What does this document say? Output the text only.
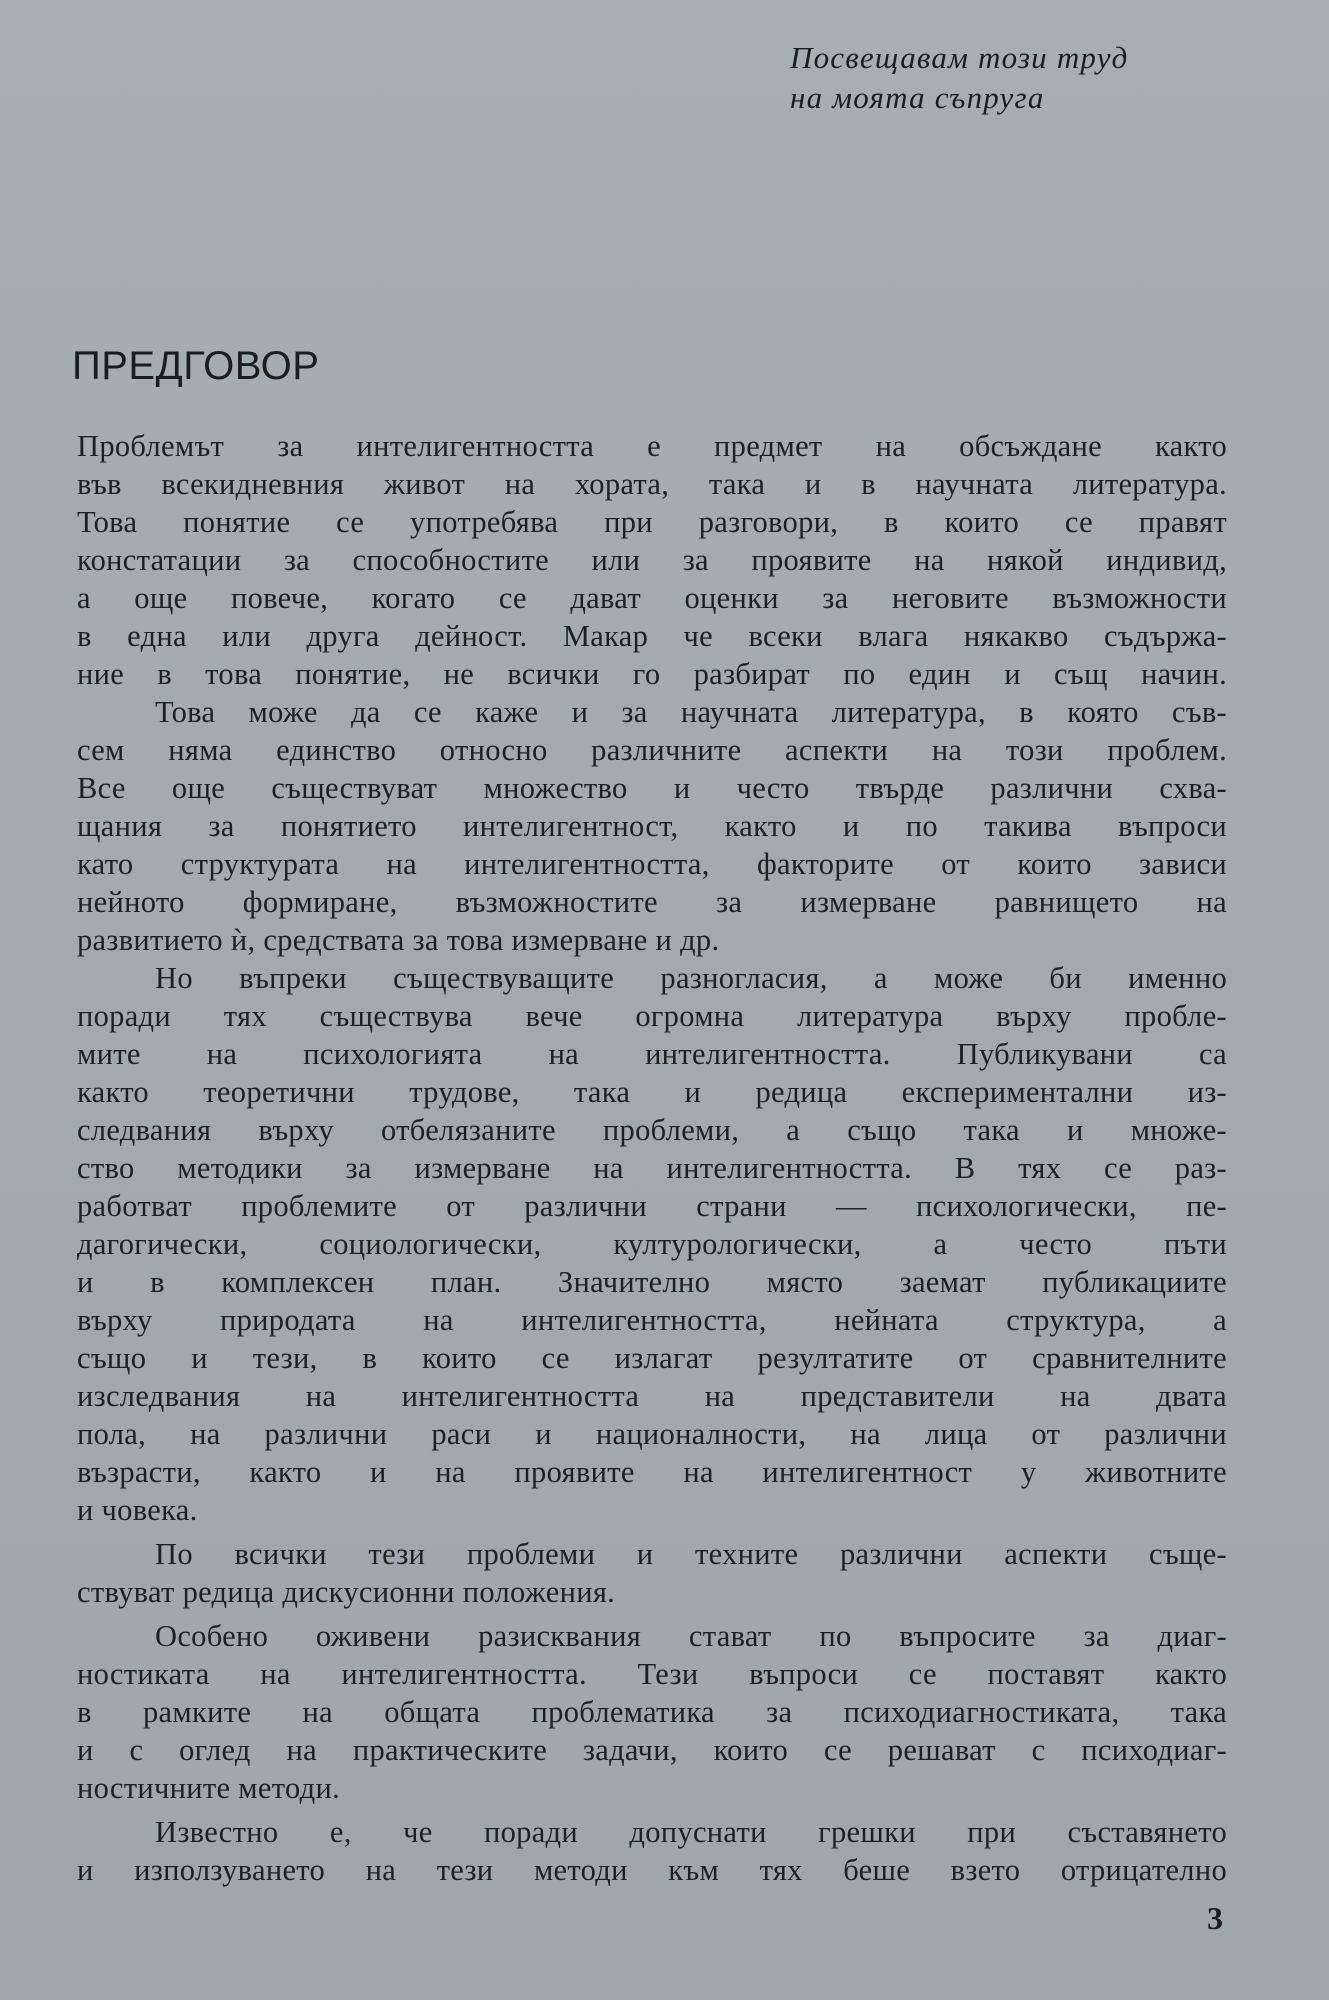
Посвещавам този труд
на моята съпруга
ПРЕДГОВОР
Проблемът за интелигентността е предмет на обсъждане както
във всекидневния живот на хората, така и в научната литература.
Това понятие се употребява при разговори, в които се правят
констатации за способностите или за проявите на някой индивид,
а още повече, когато се дават оценки за неговите възможности
в една или друга дейност. Макар че всеки влага някакво съдържа-
ние в това понятие, не всички го разбират по един и същ начин.
Това може да се каже и за научната литература, в която съв-
сем няма единство относно различните аспекти на този проблем.
Все още съществуват множество и често твърде различни схва-
щания за понятието интелигентност, както и по такива въпроси
като структурата на интелигентността, факторите от които зависи
нейното формиране, възможностите за измерване равнището на
развитието ѝ, средствата за това измерване и др.
Но въпреки съществуващите разногласия, а може би именно
поради тях съществува вече огромна литература върху пробле-
мите на психологията на интелигентността. Публикувани са
както теоретични трудове, така и редица експериментални из-
следвания върху отбелязаните проблеми, а също така и множе-
ство методики за измерване на интелигентността. В тях се раз-
работват проблемите от различни страни — психологически, пе-
дагогически, социологически, културологически, а често пъти
и в комплексен план. Значително място заемат публикациите
върху природата на интелигентността, нейната структура, а
също и тези, в които се излагат резултатите от сравнителните
изследвания на интелигентността на представители на двата
пола, на различни раси и националности, на лица от различни
възрасти, както и на проявите на интелигентност у животните
и човека.
По всички тези проблеми и техните различни аспекти същe-
ствуват редица дискусионни положения.
Особено оживени разисквания стават по въпросите за диаг-
ностиката на интелигентността. Тези въпроси се поставят както
в рамките на общата проблематика за психодиагностиката, така
и с оглед на практическите задачи, които се решават с психодиаг-
ностичните методи.
Известно е, че поради допуснати грешки при съставянето
и използуването на тези методи към тях беше взето отрицателно
3
